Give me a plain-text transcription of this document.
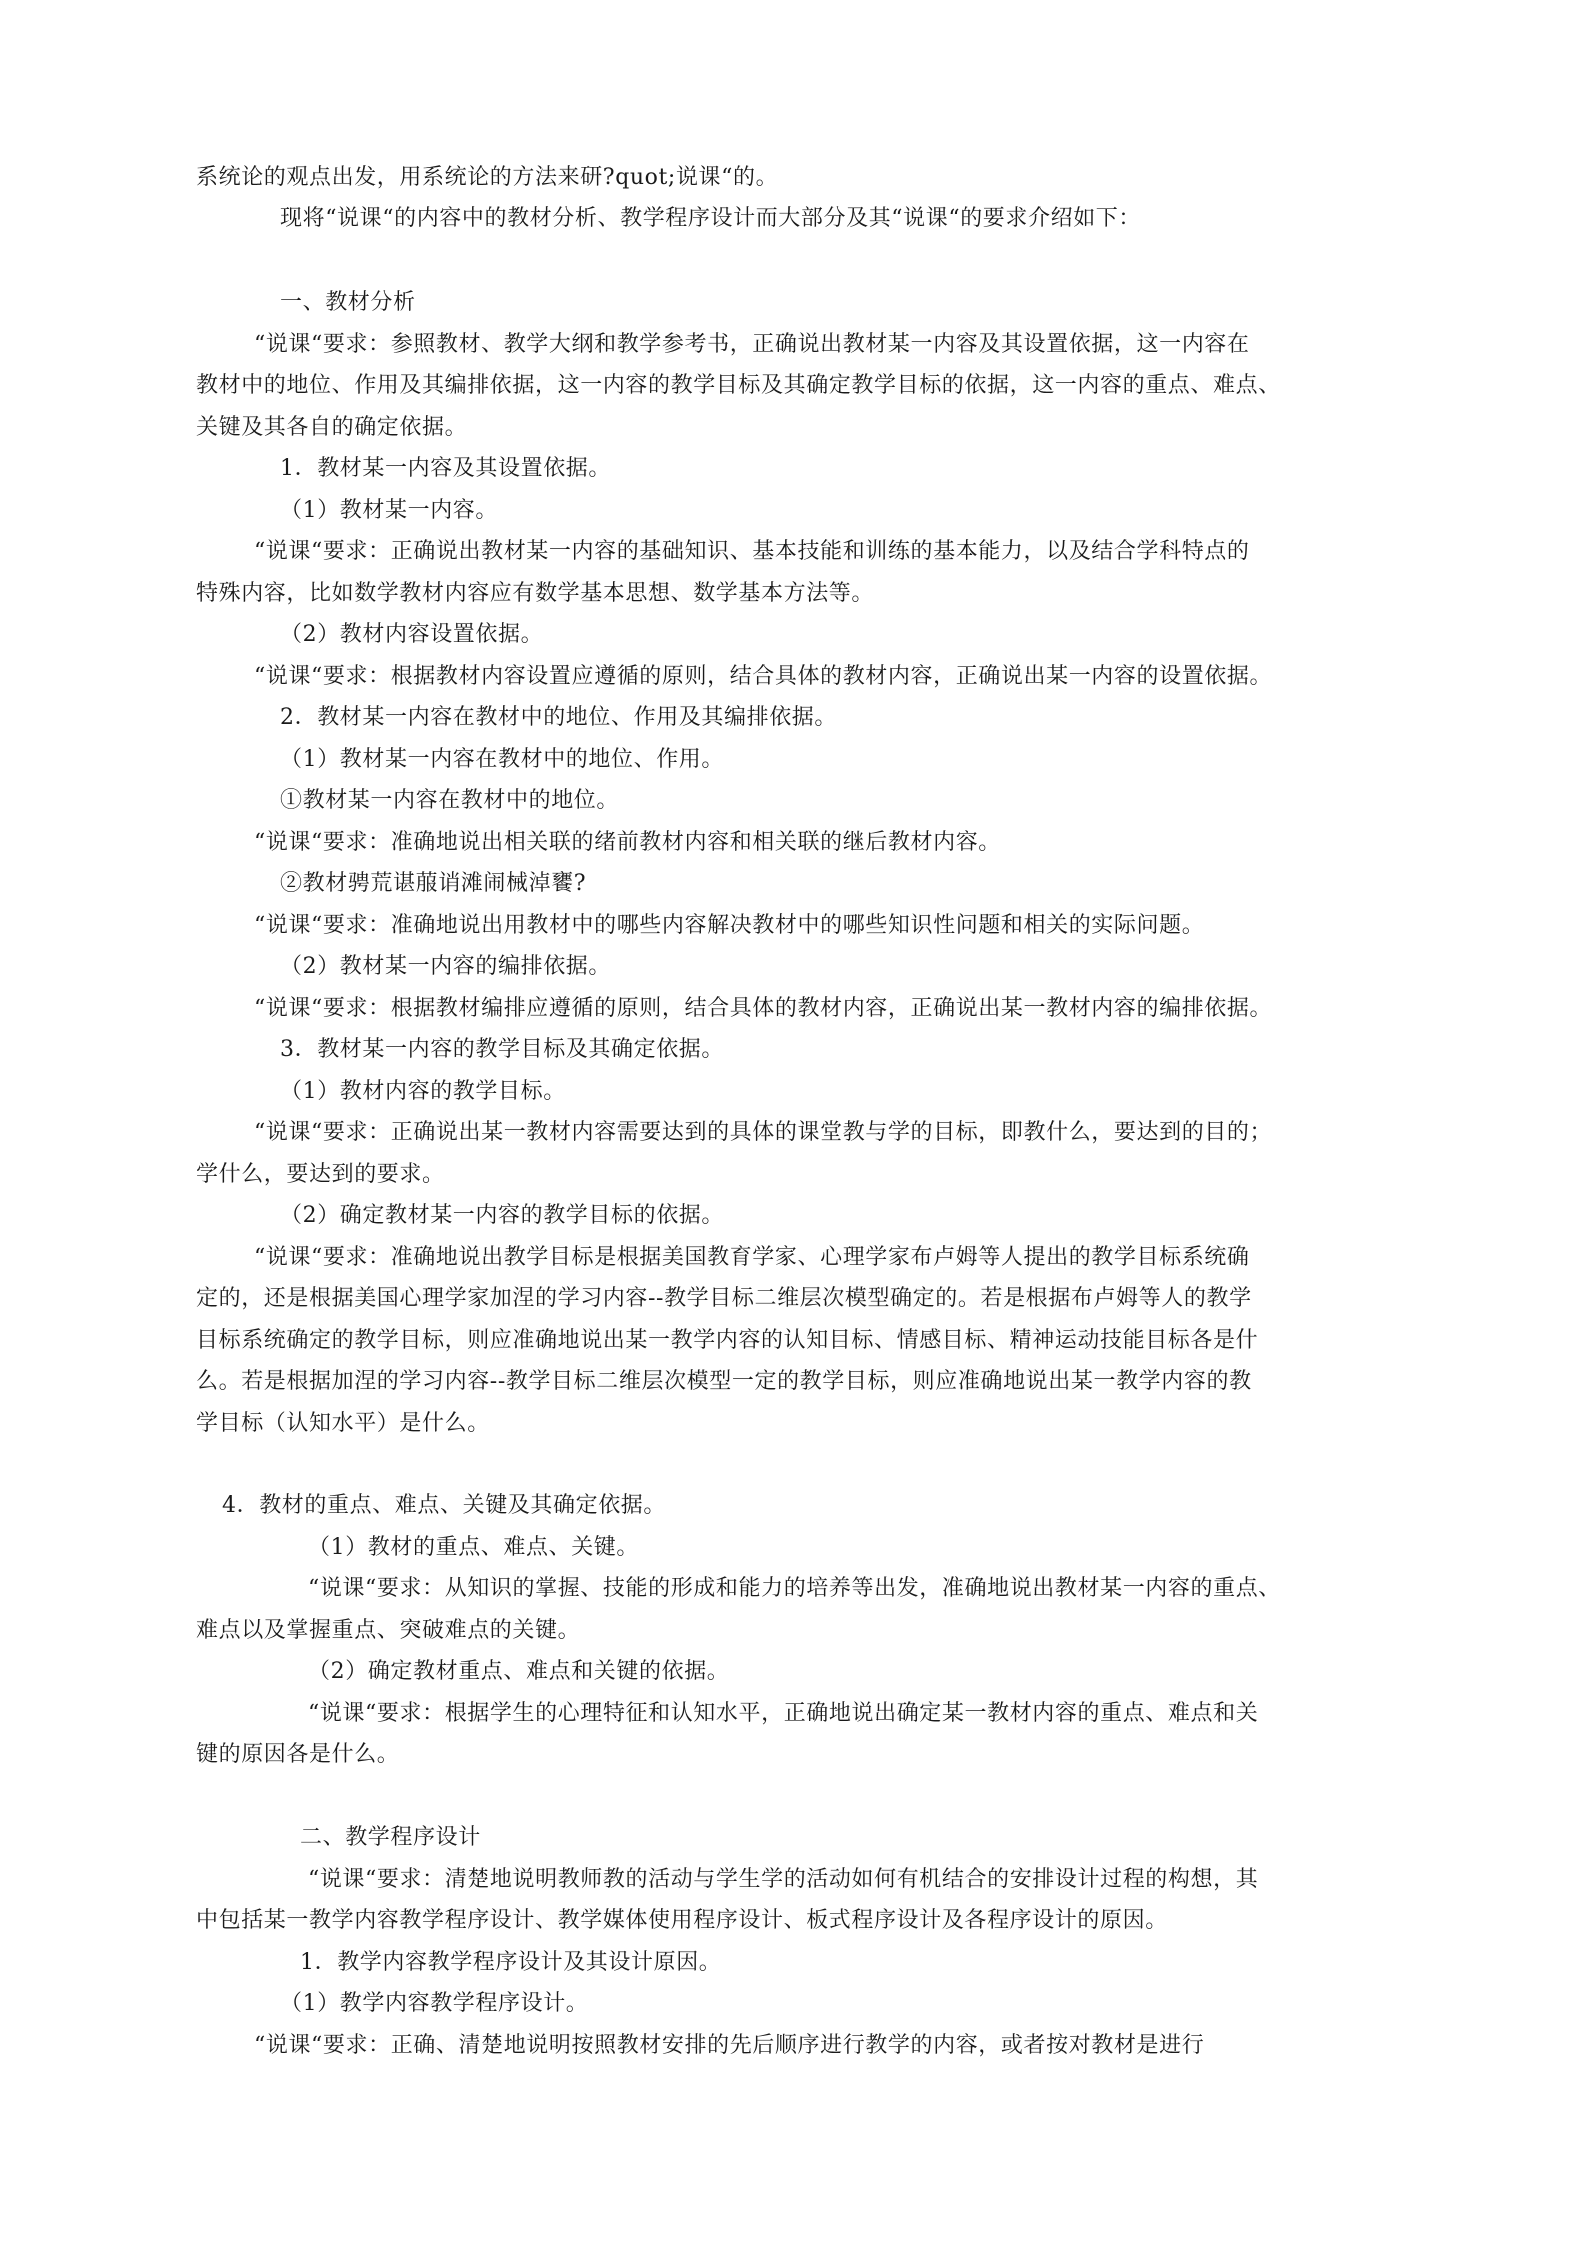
系统论的观点出发，用系统论的方法来研?quot;说课“的。
现将“说课“的内容中的教材分析、教学程序设计而大部分及其“说课“的要求介绍如下：
一、教材分析
“说课“要求：参照教材、教学大纲和教学参考书，正确说出教材某一内容及其设置依据，这一内容在
教材中的地位、作用及其编排依据，这一内容的教学目标及其确定教学目标的依据，这一内容的重点、难点、
关键及其各自的确定依据。
1．教材某一内容及其设置依据。
（1）教材某一内容。
“说课“要求：正确说出教材某一内容的基础知识、基本技能和训练的基本能力，以及结合学科特点的
特殊内容，比如数学教材内容应有数学基本思想、数学基本方法等。
（2）教材内容设置依据。
“说课“要求：根据教材内容设置应遵循的原则，结合具体的教材内容，正确说出某一内容的设置依据。
2．教材某一内容在教材中的地位、作用及其编排依据。
（1）教材某一内容在教材中的地位、作用。
①教材某一内容在教材中的地位。
“说课“要求：准确地说出相关联的绪前教材内容和相关联的继后教材内容。
②教材骋荒谌菔诮滩闹械淖饔?
“说课“要求：准确地说出用教材中的哪些内容解决教材中的哪些知识性问题和相关的实际问题。
（2）教材某一内容的编排依据。
“说课“要求：根据教材编排应遵循的原则，结合具体的教材内容，正确说出某一教材内容的编排依据。
3．教材某一内容的教学目标及其确定依据。
（1）教材内容的教学目标。
“说课“要求：正确说出某一教材内容需要达到的具体的课堂教与学的目标，即教什么，要达到的目的；
学什么，要达到的要求。
（2）确定教材某一内容的教学目标的依据。
“说课“要求：准确地说出教学目标是根据美国教育学家、心理学家布卢姆等人提出的教学目标系统确
定的，还是根据美国心理学家加涅的学习内容--教学目标二维层次模型确定的。若是根据布卢姆等人的教学
目标系统确定的教学目标，则应准确地说出某一教学内容的认知目标、情感目标、精神运动技能目标各是什
么。若是根据加涅的学习内容--教学目标二维层次模型一定的教学目标，则应准确地说出某一教学内容的教
学目标（认知水平）是什么。
4．教材的重点、难点、关键及其确定依据。
（1）教材的重点、难点、关键。
“说课“要求：从知识的掌握、技能的形成和能力的培养等出发，准确地说出教材某一内容的重点、
难点以及掌握重点、突破难点的关键。
（2）确定教材重点、难点和关键的依据。
“说课“要求：根据学生的心理特征和认知水平，正确地说出确定某一教材内容的重点、难点和关
键的原因各是什么。
二、教学程序设计
“说课“要求：清楚地说明教师教的活动与学生学的活动如何有机结合的安排设计过程的构想，其
中包括某一教学内容教学程序设计、教学媒体使用程序设计、板式程序设计及各程序设计的原因。
1．教学内容教学程序设计及其设计原因。
（1）教学内容教学程序设计。
“说课“要求：正确、清楚地说明按照教材安排的先后顺序进行教学的内容，或者按对教材是进行
